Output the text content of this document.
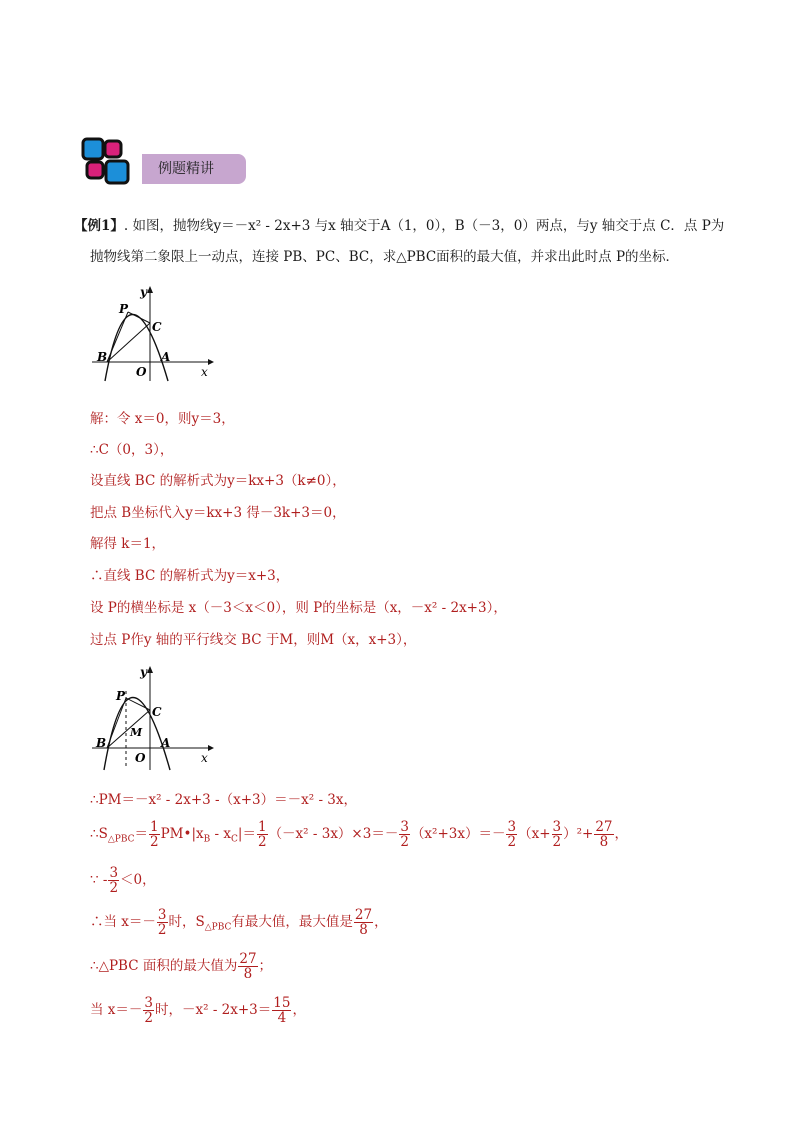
例题精讲
【例1】. 如图，抛物线y＝－x² - 2x+3 与x 轴交于A（1，0），B（－3，0）两点，与y 轴交于点 C．点 P为
抛物线第二象限上一动点，连接 PB、PC、BC，求△PBC面积的最大值，并求出此时点 P的坐标．
y
P
C
B	A
O	x
解：令 x＝0，则y＝3，
∴C（0，3），
设直线 BC 的解析式为y＝kx+3（k≠0），
把点 B坐标代入y＝kx+3 得－3k+3＝0，
解得 k＝1，
∴直线 BC 的解析式为y＝x+3，
设 P的横坐标是 x（－3＜x＜0），则 P的坐标是（x，－x² - 2x+3），
过点 P作y 轴的平行线交 BC 于M，则M（x，x+3），
y
P
C
M
B	A
O	x
∴PM＝－x² - 2x+3 -（x+3）＝－x² - 3x，
$\therefore S_{\triangle PBC}= \frac{1}{2}$ $PM•|x_B - x_C|= \frac{1}{2} (-x^2 - 3x)\times 3=- \frac{3}{2} (x^2+3x)=- \frac{3}{2} (x+ \frac{3}{2} )^2+ \frac{27}{8}$ ，
∵ - $\frac{3}{2} <0$，
∴当 $x=- \frac{3}{2}$ 时，$S_{\triangle PBC}$有最大值，最大值是 $\frac{27}{8}$ ，
∴△PBC 面积的最大值为 $\frac{27}{8}$ ；
当 $x=- \frac{3}{2}$ 时，$-x^2 - 2x+3= \frac{15}{4}$ ，
